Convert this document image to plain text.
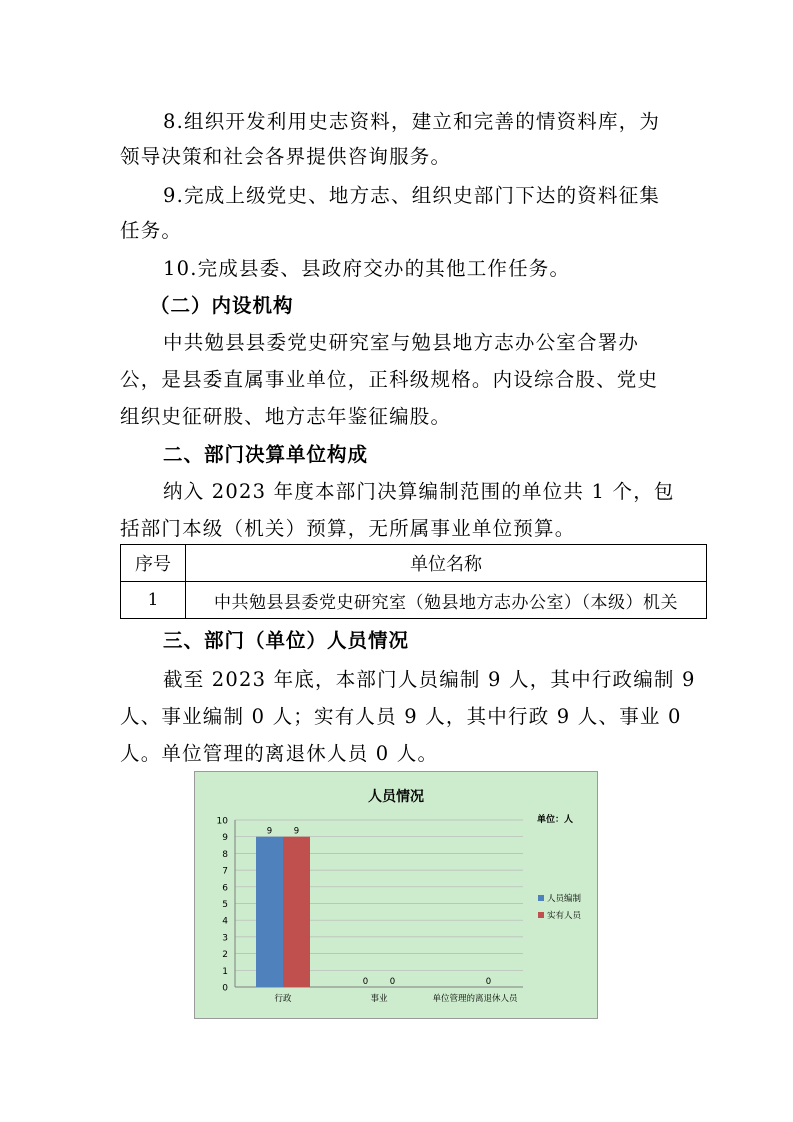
8.组织开发利用史志资料，建立和完善的情资料库，为
领导决策和社会各界提供咨询服务。
9.完成上级党史、地方志、组织史部门下达的资料征集
任务。
10.完成县委、县政府交办的其他工作任务。
（二）内设机构
中共勉县县委党史研究室与勉县地方志办公室合署办
公，是县委直属事业单位，正科级规格。内设综合股、党史
组织史征研股、地方志年鉴征编股。
二、部门决算单位构成
纳入 2023 年度本部门决算编制范围的单位共 1 个，包
括部门本级（机关）预算，无所属事业单位预算。
序号	单位名称
1	中共勉县县委党史研究室（勉县地方志办公室）（本级）机关
三、部门（单位）人员情况
截至 2023 年底，本部门人员编制 9 人，其中行政编制 9
人、事业编制 0 人；实有人员 9 人，其中行政 9 人、事业 0
人。单位管理的离退休人员 0 人。
人员情况
单位：人
0
1
2
3
4
5
6
7
8
9
10
行政
9	9
事业
0	0
单位管理的离退休人员
0
人员编制
实有人员
